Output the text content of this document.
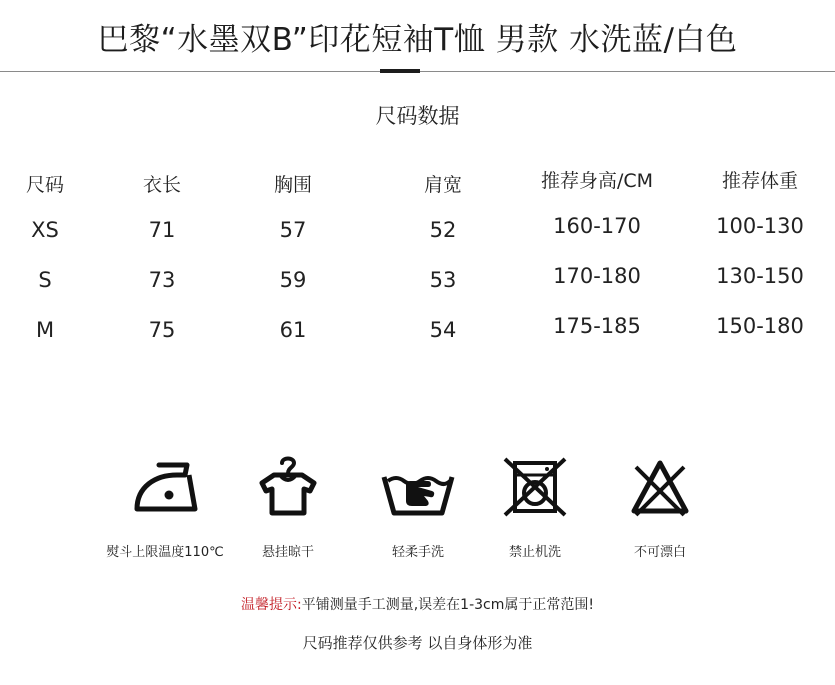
巴黎“水墨双B”印花短袖T恤 男款 水洗蓝/白色
尺码数据
尺码	衣长	胸围	肩宽	推荐身高/CM	推荐体重
XS	71	57	52	160-170	100-130
S	73	59	53	170-180	130-150
M	75	61	54	175-185	150-180
熨斗上限温度110℃	悬挂晾干	轻柔手洗	禁止机洗	不可漂白
温馨提示:平铺测量手工测量,误差在1-3cm属于正常范围!
尺码推荐仅供参考 以自身体形为准
